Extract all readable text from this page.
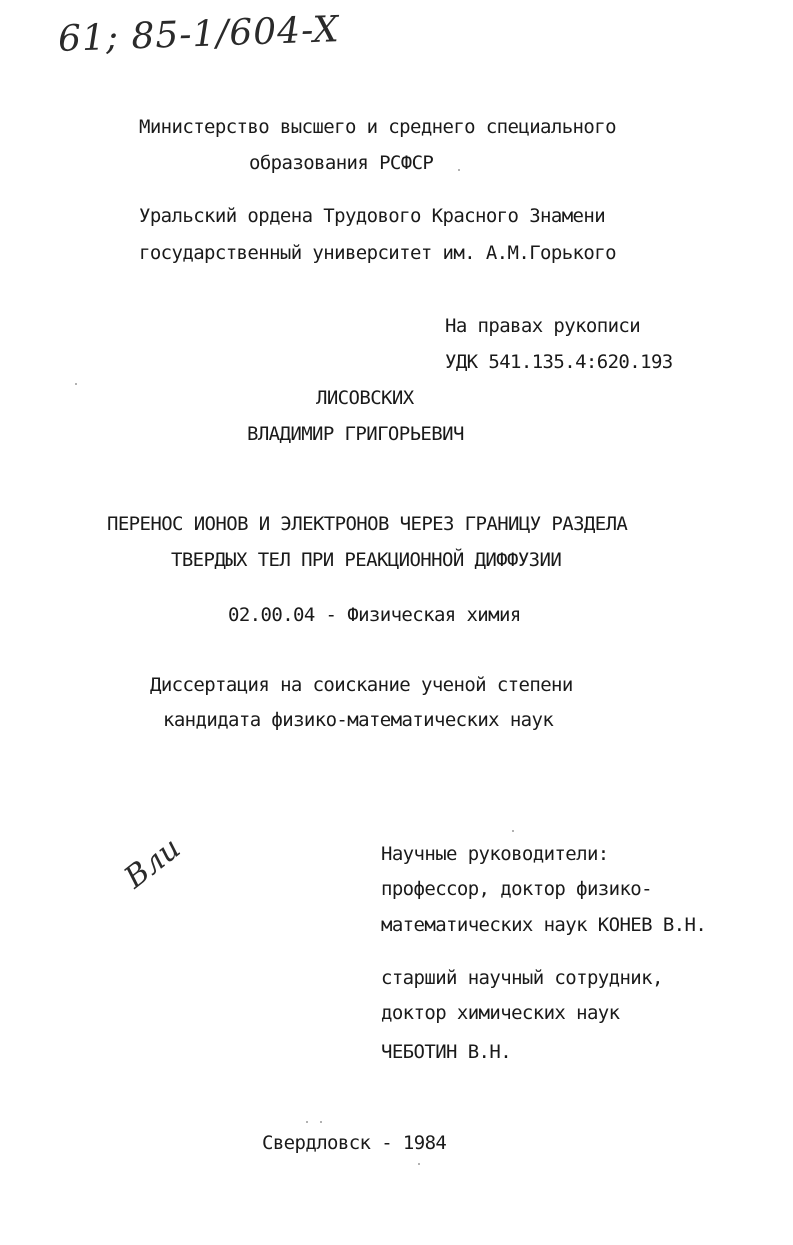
61; 85-1/604-X
Министерство высшего и среднего специального
образования РСФСР
Уральский ордена Трудового Красного Знамени
государственный университет им. А.М.Горького
На правах рукописи
УДК 541.135.4:620.193
ЛИСОВСКИХ
ВЛАДИМИР ГРИГОРЬЕВИЧ
ПЕРЕНОС ИОНОВ И ЭЛЕКТРОНОВ ЧЕРЕЗ ГРАНИЦУ РАЗДЕЛА
ТВЕРДЫХ ТЕЛ ПРИ РЕАКЦИОННОЙ ДИФФУЗИИ
02.00.04 - Физическая химия
Диссертация на соискание ученой степени
кандидата физико-математических наук
Вли	Научные руководители:
профессор, доктор физико-
математических наук КОНЕВ В.Н.
старший научный сотрудник,
доктор химических наук
ЧЕБОТИН В.Н.
Свердловск - 1984
